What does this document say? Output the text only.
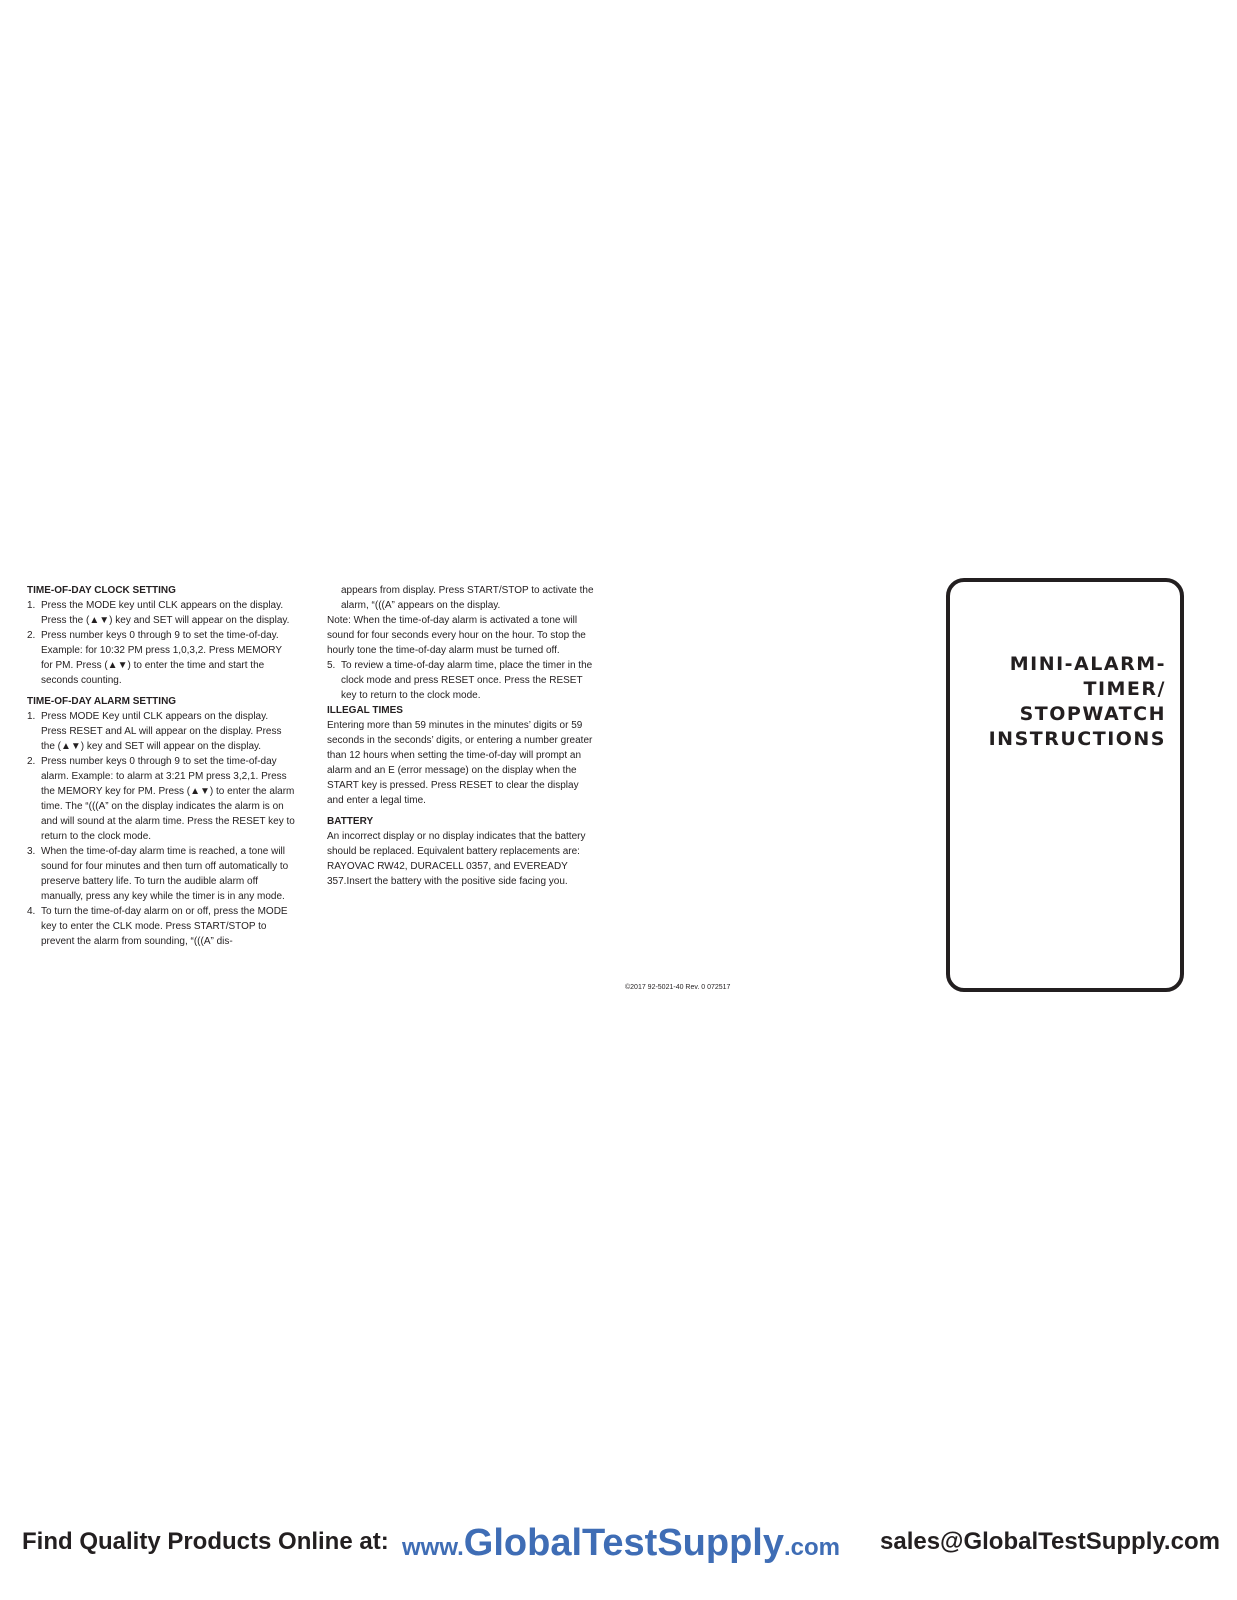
TIME-OF-DAY CLOCK SETTING

1. Press the MODE key until CLK appears on the display. Press the (▲▼) key and SET will appear on the display.
2. Press number keys 0 through 9 to set the time-of-day. Example: for 10:32 PM press 1,0,3,2. Press MEMORY for PM. Press (▲▼) to enter the time and start the seconds counting.

TIME-OF-DAY ALARM SETTING

1. Press MODE Key until CLK appears on the display. Press RESET and AL will appear on the display. Press the (▲▼) key and SET will appear on the display.
2. Press number keys 0 through 9 to set the time-of-day alarm. Example: to alarm at 3:21 PM press 3,2,1. Press the MEMORY key for PM. Press (▲▼) to enter the alarm time. The “(((A” on the display indicates the alarm is on and will sound at the alarm time. Press the RESET key to return to the clock mode.
3. When the time-of-day alarm time is reached, a tone will sound for four minutes and then turn off automatically to preserve battery life. To turn the audible alarm off manually, press any key while the timer is in any mode.
4. To turn the time-of-day alarm on or off, press the MODE key to enter the CLK mode. Press START/STOP to prevent the alarm from sounding, “(((A” dis-

appears from display. Press START/STOP to activate the alarm, “(((A” appears on the display.

Note: When the time-of-day alarm is activated a tone will sound for four seconds every hour on the hour. To stop the hourly tone the time-of-day alarm must be turned off.

5. To review a time-of-day alarm time, place the timer in the clock mode and press RESET once. Press the RESET key to return to the clock mode.

ILLEGAL TIMES

Entering more than 59 minutes in the minutes’ digits or 59 seconds in the seconds’ digits, or entering a number greater than 12 hours when setting the time-of-day will prompt an alarm and an E (error message) on the display when the START key is pressed. Press RESET to clear the display and enter a legal time.

BATTERY

An incorrect display or no display indicates that the battery should be replaced. Equivalent battery replacements are: RAYOVAC RW42, DURACELL 0357, and EVEREADY 357.Insert the battery with the positive side facing you.

©2017 92-5021-40 Rev. 0 072517
MINI-ALARM-
TIMER/
STOPWATCH
INSTRUCTIONS
Find Quality Products Online at: www.GlobalTestSupply.com sales@GlobalTestSupply.com
